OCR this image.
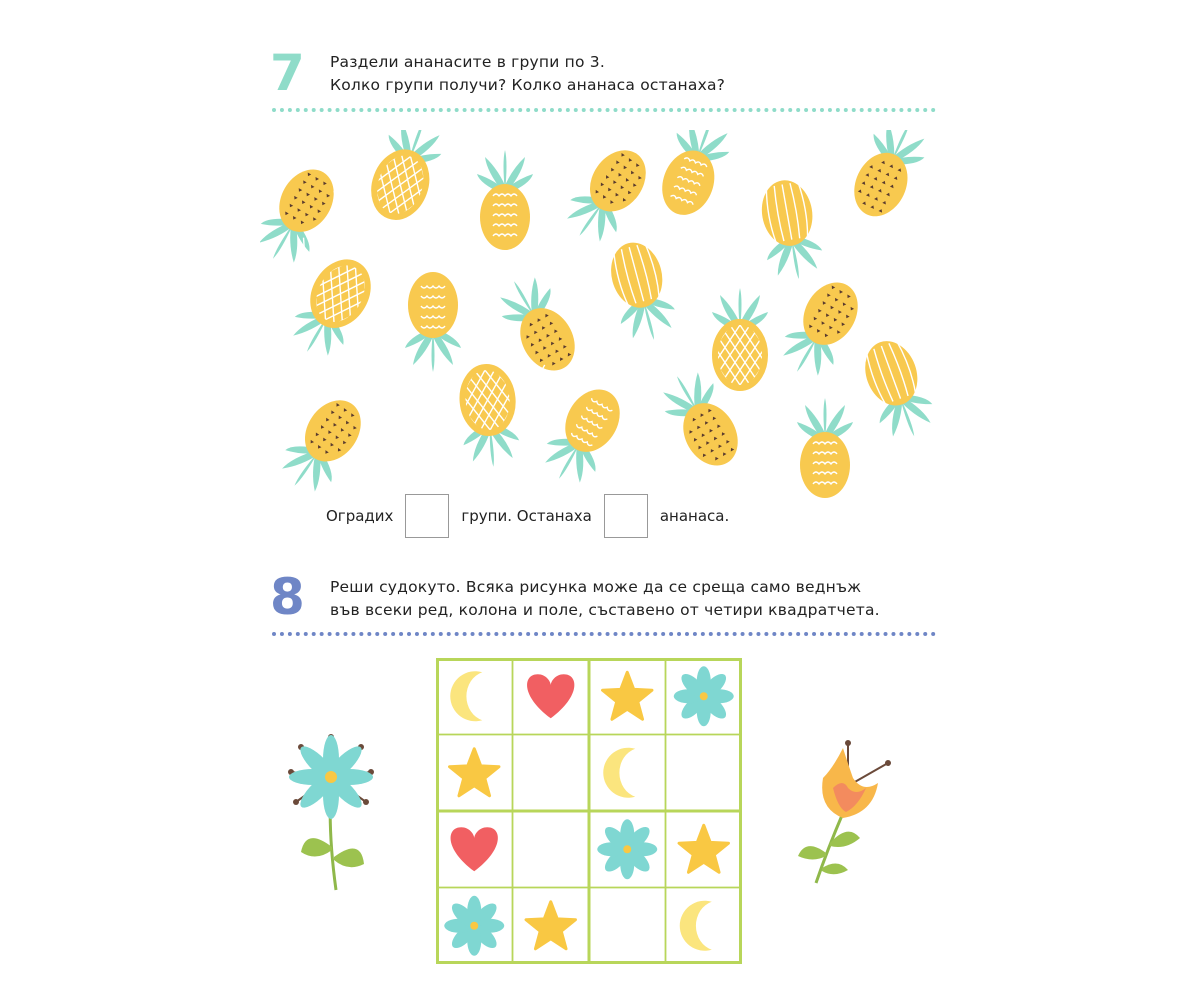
7 Раздели ананасите в групи по 3.
Колко групи получи? Колко ананаса останаха?
Оградих	групи. Останаха	ананаса.
8 Реши судокуто. Всяка рисунка може да се среща само веднъж
във всеки ред, колона и поле, съставено от четири квадратчета.
